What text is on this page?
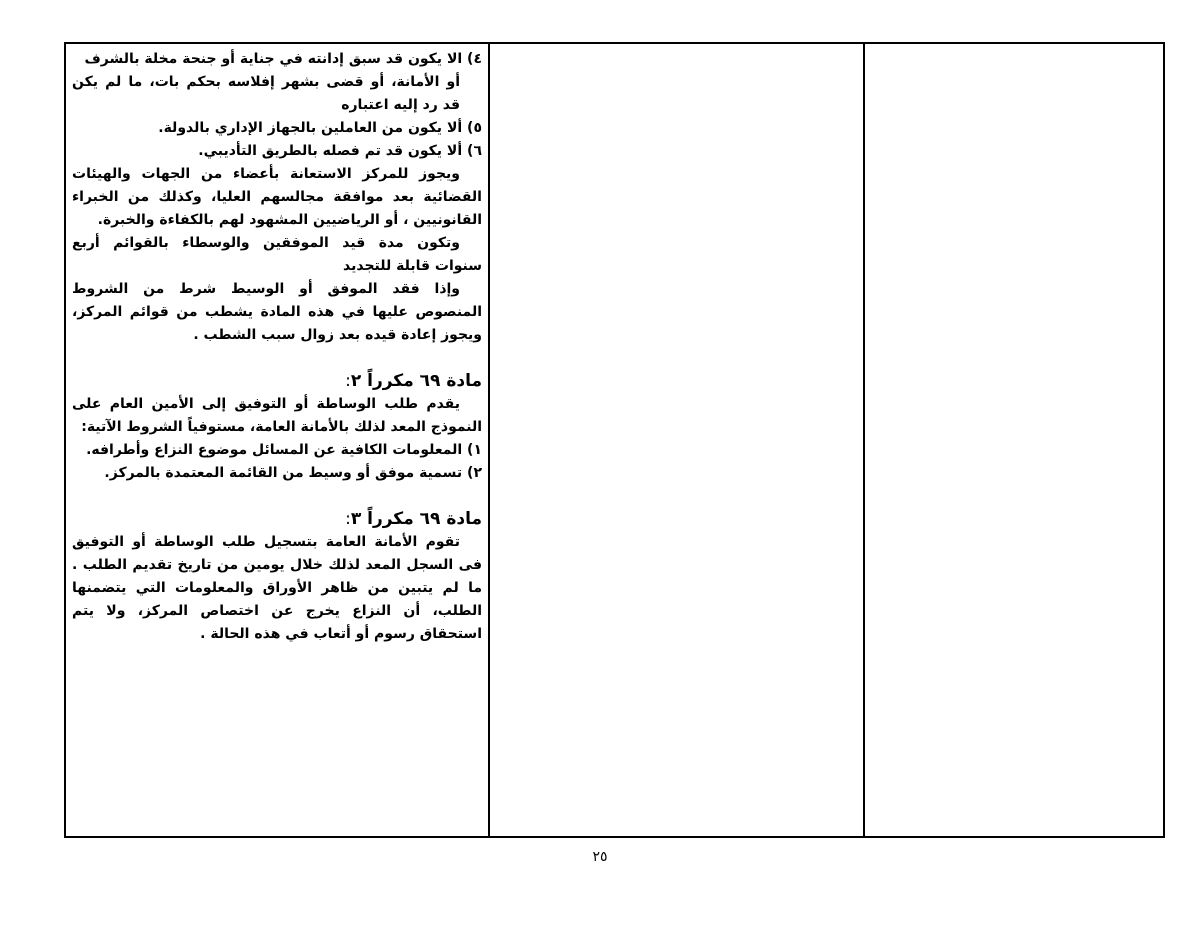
٤) الا يكون قد سبق إدانته في جناية أو جنحة مخلة بالشرف
أو الأمانة، أو قضى بشهر إفلاسه بحكم بات، ما لم يكن قد رد إليه اعتباره
٥) ألا يكون من العاملين بالجهاز الإداري بالدولة.
٦) ألا يكون قد تم فصله بالطريق التأديبي.

ويجوز للمركز الاستعانة بأعضاء من الجهات والهيئات القضائية بعد موافقة مجالسهم العليا، وكذلك من الخبراء القانونيين ، أو الرياضيين المشهود لهم بالكفاءة والخبرة.

وتكون مدة قيد الموفقين والوسطاء بالقوائم أربع سنوات قابلة للتجديد

وإذا فقد الموفق أو الوسيط شرط من الشروط المنصوص عليها في هذه المادة يشطب من قوائم المركز، ويجوز إعادة قيده بعد زوال سبب الشطب .

مادة ٦٩ مكرراً ٢:

يقدم طلب الوساطة أو التوفيق إلى الأمين العام على النموذج المعد لذلك بالأمانة العامة، مستوفياً الشروط الآتية:

١) المعلومات الكافية عن المسائل موضوع النزاع وأطرافه.
٢) تسمية موفق أو وسيط من القائمة المعتمدة بالمركز.
مادة ٦٩ مكرراً ٣:

تقوم الأمانة العامة بتسجيل طلب الوساطة أو التوفيق فى السجل المعد لذلك خلال يومين من تاريخ تقديم الطلب . ما لم يتبين من ظاهر الأوراق والمعلومات التي يتضمنها الطلب، أن النزاع يخرج عن اختصاص المركز، ولا يتم استحقاق رسوم أو أتعاب في هذه الحالة .

٢٥
